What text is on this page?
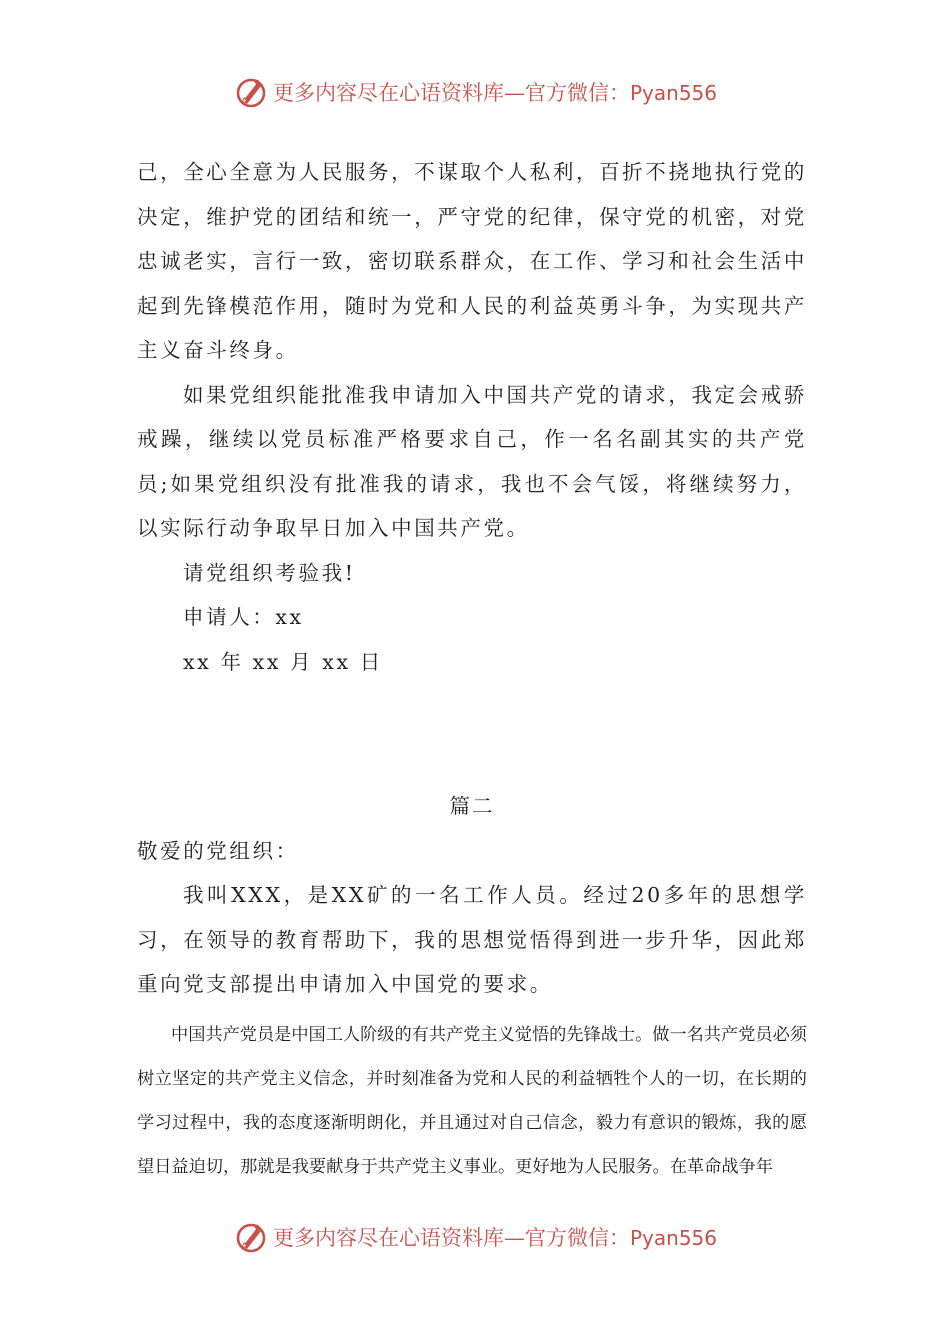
更多内容尽在心语资料库—官方微信：Pyan556

己，全心全意为人民服务，不谋取个人私利，百折不挠地执行党的决定，维护党的团结和统一，严守党的纪律，保守党的机密，对党忠诚老实，言行一致，密切联系群众，在工作、学习和社会生活中起到先锋模范作用，随时为党和人民的利益英勇斗争，为实现共产主义奋斗终身。

如果党组织能批准我申请加入中国共产党的请求，我定会戒骄戒躁，继续以党员标准严格要求自己，作一名名副其实的共产党员;如果党组织没有批准我的请求，我也不会气馁，将继续努力，以实际行动争取早日加入中国共产党。

请党组织考验我!

申请人：xx

xx 年 xx 月 xx 日

篇二

敬爱的党组织：

我叫XXX，是XX矿的一名工作人员。经过20多年的思想学习，在领导的教育帮助下，我的思想觉悟得到进一步升华，因此郑重向党支部提出申请加入中国党的要求。

中国共产党员是中国工人阶级的有共产党主义觉悟的先锋战士。做一名共产党员必须树立坚定的共产党主义信念，并时刻准备为党和人民的利益牺牲个人的一切，在长期的学习过程中，我的态度逐渐明朗化，并且通过对自己信念，毅力有意识的锻炼，我的愿望日益迫切，那就是我要献身于共产党主义事业。更好地为人民服务。在革命战争年

更多内容尽在心语资料库—官方微信：Pyan556
